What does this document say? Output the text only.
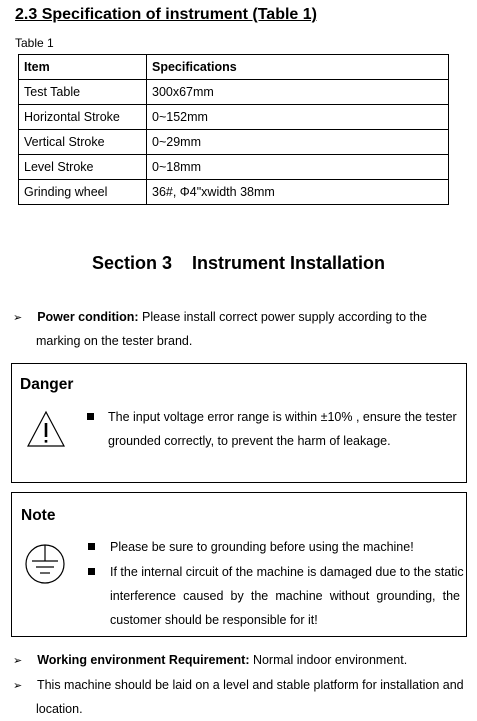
2.3 Specification of instrument (Table 1)
Table 1
Item	Specifications
Test Table	300x67mm
Horizontal Stroke	0~152mm
Vertical Stroke	0~29mm
Level Stroke	0~18mm
Grinding wheel	36#, Φ4"xwidth 38mm
Section 3    Instrument Installation
➢ Power condition: Please install correct power supply according to the
marking on the tester brand.
Danger
The input voltage error range is within ±10% , ensure the tester
grounded correctly, to prevent the harm of leakage.
Note
Please be sure to grounding before using the machine!
If the internal circuit of the machine is damaged due to the static
interference caused by the machine without grounding, the
customer should be responsible for it!
➢ Working environment Requirement: Normal indoor environment.
➢ This machine should be laid on a level and stable platform for installation and
location.
